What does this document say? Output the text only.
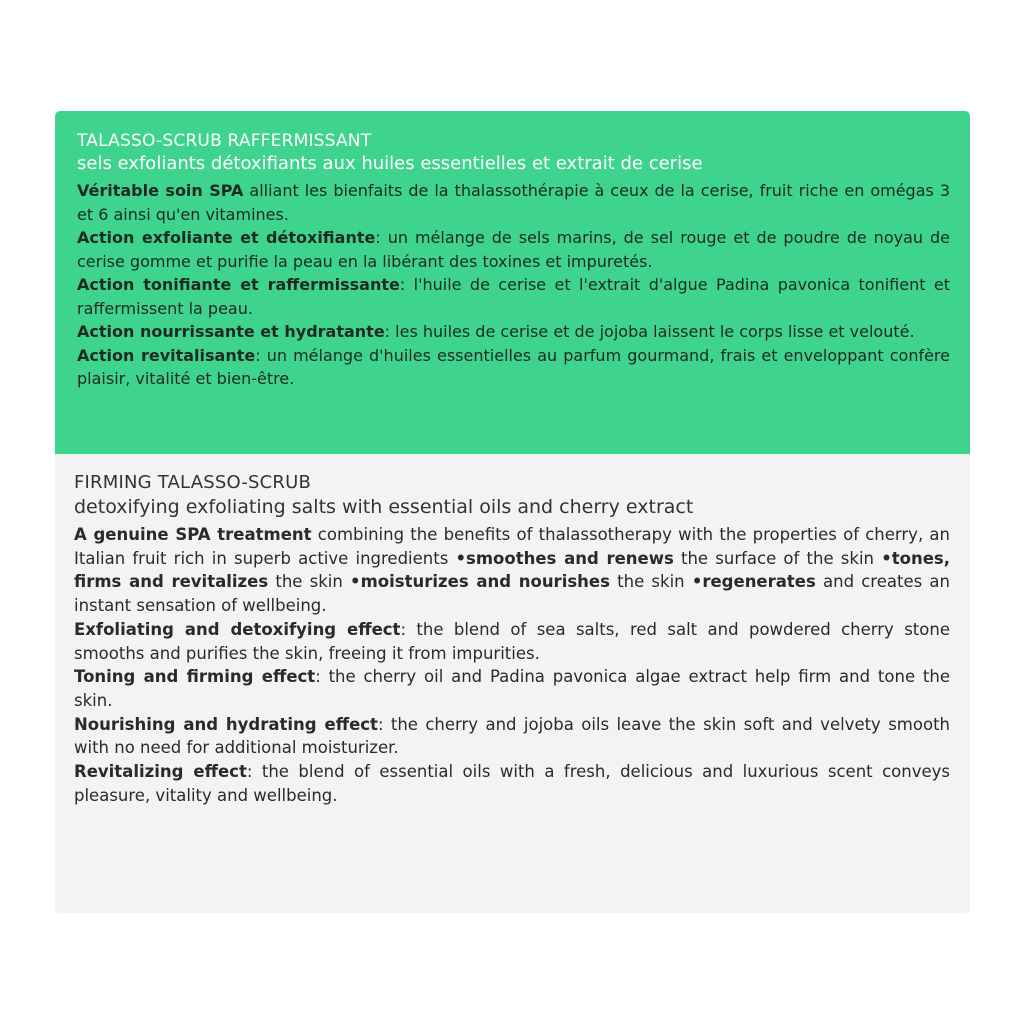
TALASSO-SCRUB RAFFERMISSANT
sels exfoliants détoxifiants aux huiles essentielles et extrait de cerise
Véritable soin SPA alliant les bienfaits de la thalassothérapie à ceux de la cerise, fruit riche en omégas 3 et 6 ainsi qu'en vitamines.
Action exfoliante et détoxifiante: un mélange de sels marins, de sel rouge et de poudre de noyau de cerise gomme et purifie la peau en la libérant des toxines et impuretés.
Action tonifiante et raffermissante: l'huile de cerise et l'extrait d'algue Padina pavonica tonifient et raffermissent la peau.
Action nourrissante et hydratante: les huiles de cerise et de jojoba laissent le corps lisse et velouté.
Action revitalisante: un mélange d'huiles essentielles au parfum gourmand, frais et enveloppant confère plaisir, vitalité et bien-être.
FIRMING TALASSO-SCRUB
detoxifying exfoliating salts with essential oils and cherry extract
A genuine SPA treatment combining the benefits of thalassotherapy with the properties of cherry, an Italian fruit rich in superb active ingredients •smoothes and renews the surface of the skin •tones, firms and revitalizes the skin •moisturizes and nourishes the skin •regenerates and creates an instant sensation of wellbeing.
Exfoliating and detoxifying effect: the blend of sea salts, red salt and powdered cherry stone smooths and purifies the skin, freeing it from impurities.
Toning and firming effect: the cherry oil and Padina pavonica algae extract help firm and tone the skin.
Nourishing and hydrating effect: the cherry and jojoba oils leave the skin soft and velvety smooth with no need for additional moisturizer.
Revitalizing effect: the blend of essential oils with a fresh, delicious and luxurious scent conveys pleasure, vitality and wellbeing.
